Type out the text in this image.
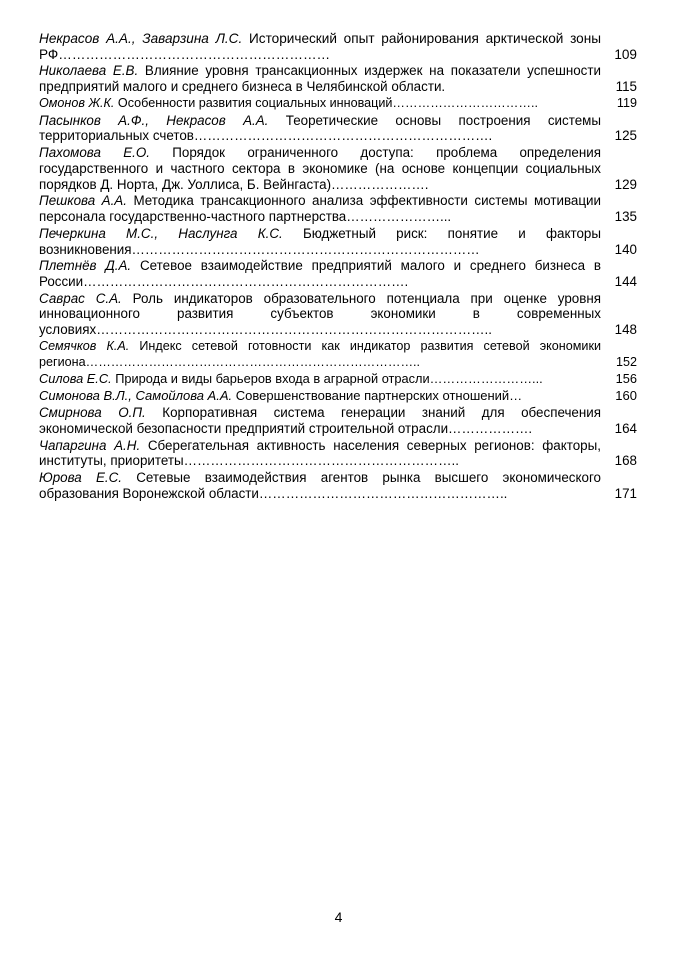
Некрасов А.А., Заварзина Л.С. Исторический опыт районирования арктической зоны РФ……………………………………………………	109
Николаева Е.В. Влияние уровня трансакционных издержек на показатели успешности предприятий малого и среднего бизнеса в Челябинской области.	115
Омонов Ж.К. Особенности развития социальных инноваций……………………………..	119
Пасынков А.Ф., Некрасов А.А. Теоретические основы построения системы территориальных счетов………………………………………………………….	125
Пахомова Е.О. Порядок ограниченного доступа: проблема определения государственного и частного сектора в экономике (на основе концепции социальных порядков Д. Норта, Дж. Уоллиса, Б. Вейнгаста)………………….	129
Пешкова А.А. Методика трансакционного анализа эффективности системы мотивации персонала государственно-частного партнерства…………………...	135
Печеркина М.С., Наслунга К.С. Бюджетный риск: понятие и факторы возникновения……………………………………………………………………	140
Плетнёв Д.А. Сетевое взаимодействие предприятий малого и среднего бизнеса в России……………………………………………………………….	144
Саврас С.А. Роль индикаторов образовательного потенциала при оценке уровня инновационного развития субъектов экономики в современных условиях……………………………………………………………………………..	148
Семячков К.А. Индекс сетевой готовности как индикатор развития сетевой экономики региона……………………………………………………………………..	152
Силова Е.С. Природа и виды барьеров входа в аграрной отрасли……………………...	156
Симонова В.Л., Самойлова А.А. Совершенствование партнерских отношений…	160
Смирнова О.П. Корпоративная система генерации знаний для обеспечения экономической безопасности предприятий строительной отрасли……………….	164
Чапаргина А.Н. Сберегательная активность населения северных регионов: факторы, институты, приоритеты……………………………………………………..	168
Юрова Е.С. Сетевые взаимодействия агентов рынка высшего экономического образования Воронежской области………………………………………………..	171
4
